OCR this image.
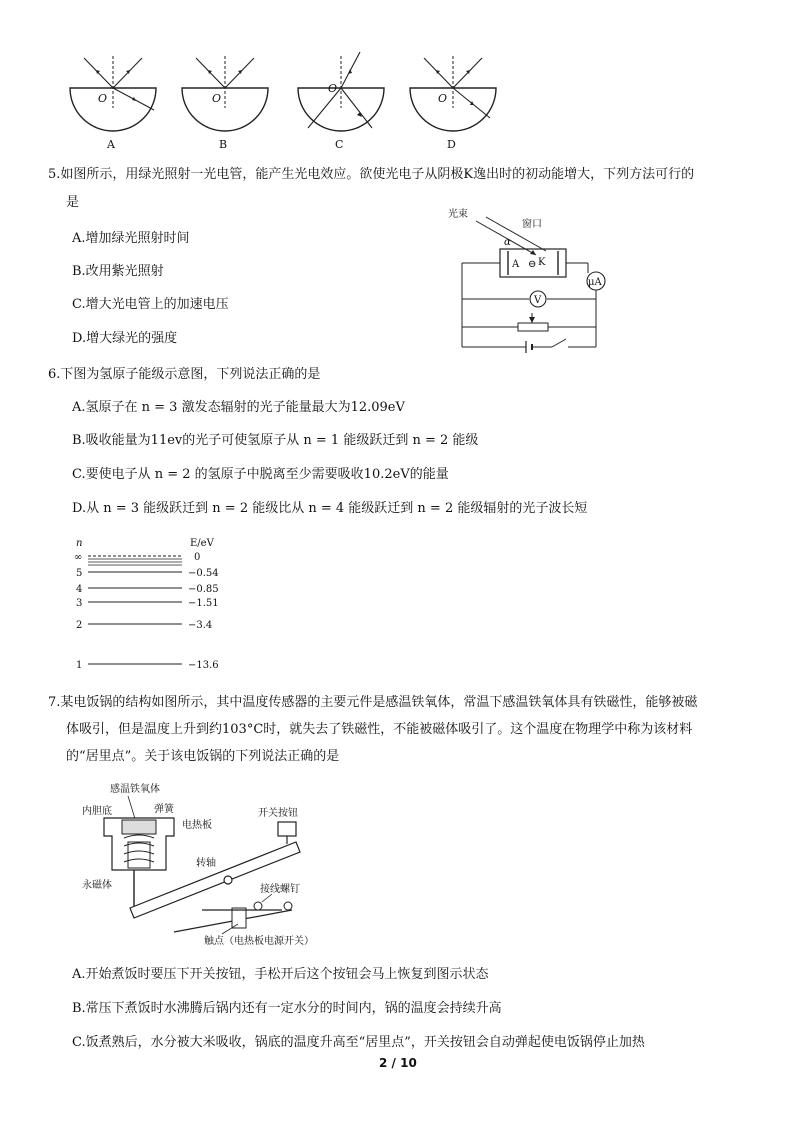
O
A
O
B
O
C
O
D
5.如图所示，用绿光照射一光电管，能产生光电效应。欲使光电子从阴极K逸出时的初动能增大，下列方法可行的
是
A.增加绿光照射时间
B.改用紫光照射
C.增大光电管上的加速电压
D.增大绿光的强度
光束
窗口
α
A K
⊖
μA
V
6.下图为氢原子能级示意图，下列说法正确的是
A.氢原子在 n = 3 激发态辐射的光子能量最大为12.09eV
B.吸收能量为11ev的光子可使氢原子从 n = 1 能级跃迁到 n = 2 能级
C.要使电子从 n = 2 的氢原子中脱离至少需要吸收10.2eV的能量
D.从 n = 3 能级跃迁到 n = 2 能级比从 n = 4 能级跃迁到 n = 2 能级辐射的光子波长短
n	E/eV
∞	0
5	−0.54
4	−0.85
3	−1.51
2	−3.4
1	−13.6
7.某电饭锅的结构如图所示，其中温度传感器的主要元件是感温铁氧体，常温下感温铁氧体具有铁磁性，能够被磁
体吸引，但是温度上升到约103°C时，就失去了铁磁性，不能被磁体吸引了。这个温度在物理学中称为该材料
的“居里点”。关于该电饭锅的下列说法正确的是
感温铁氧体
内胆底	弹簧
电热板
永磁体
转轴
开关按钮
接线螺钉
触点（电热板电源开关）
A.开始煮饭时要压下开关按钮，手松开后这个按钮会马上恢复到图示状态
B.常压下煮饭时水沸腾后锅内还有一定水分的时间内，锅的温度会持续升高
C.饭煮熟后，水分被大米吸收，锅底的温度升高至“居里点”，开关按钮会自动弹起使电饭锅停止加热
2 / 10
